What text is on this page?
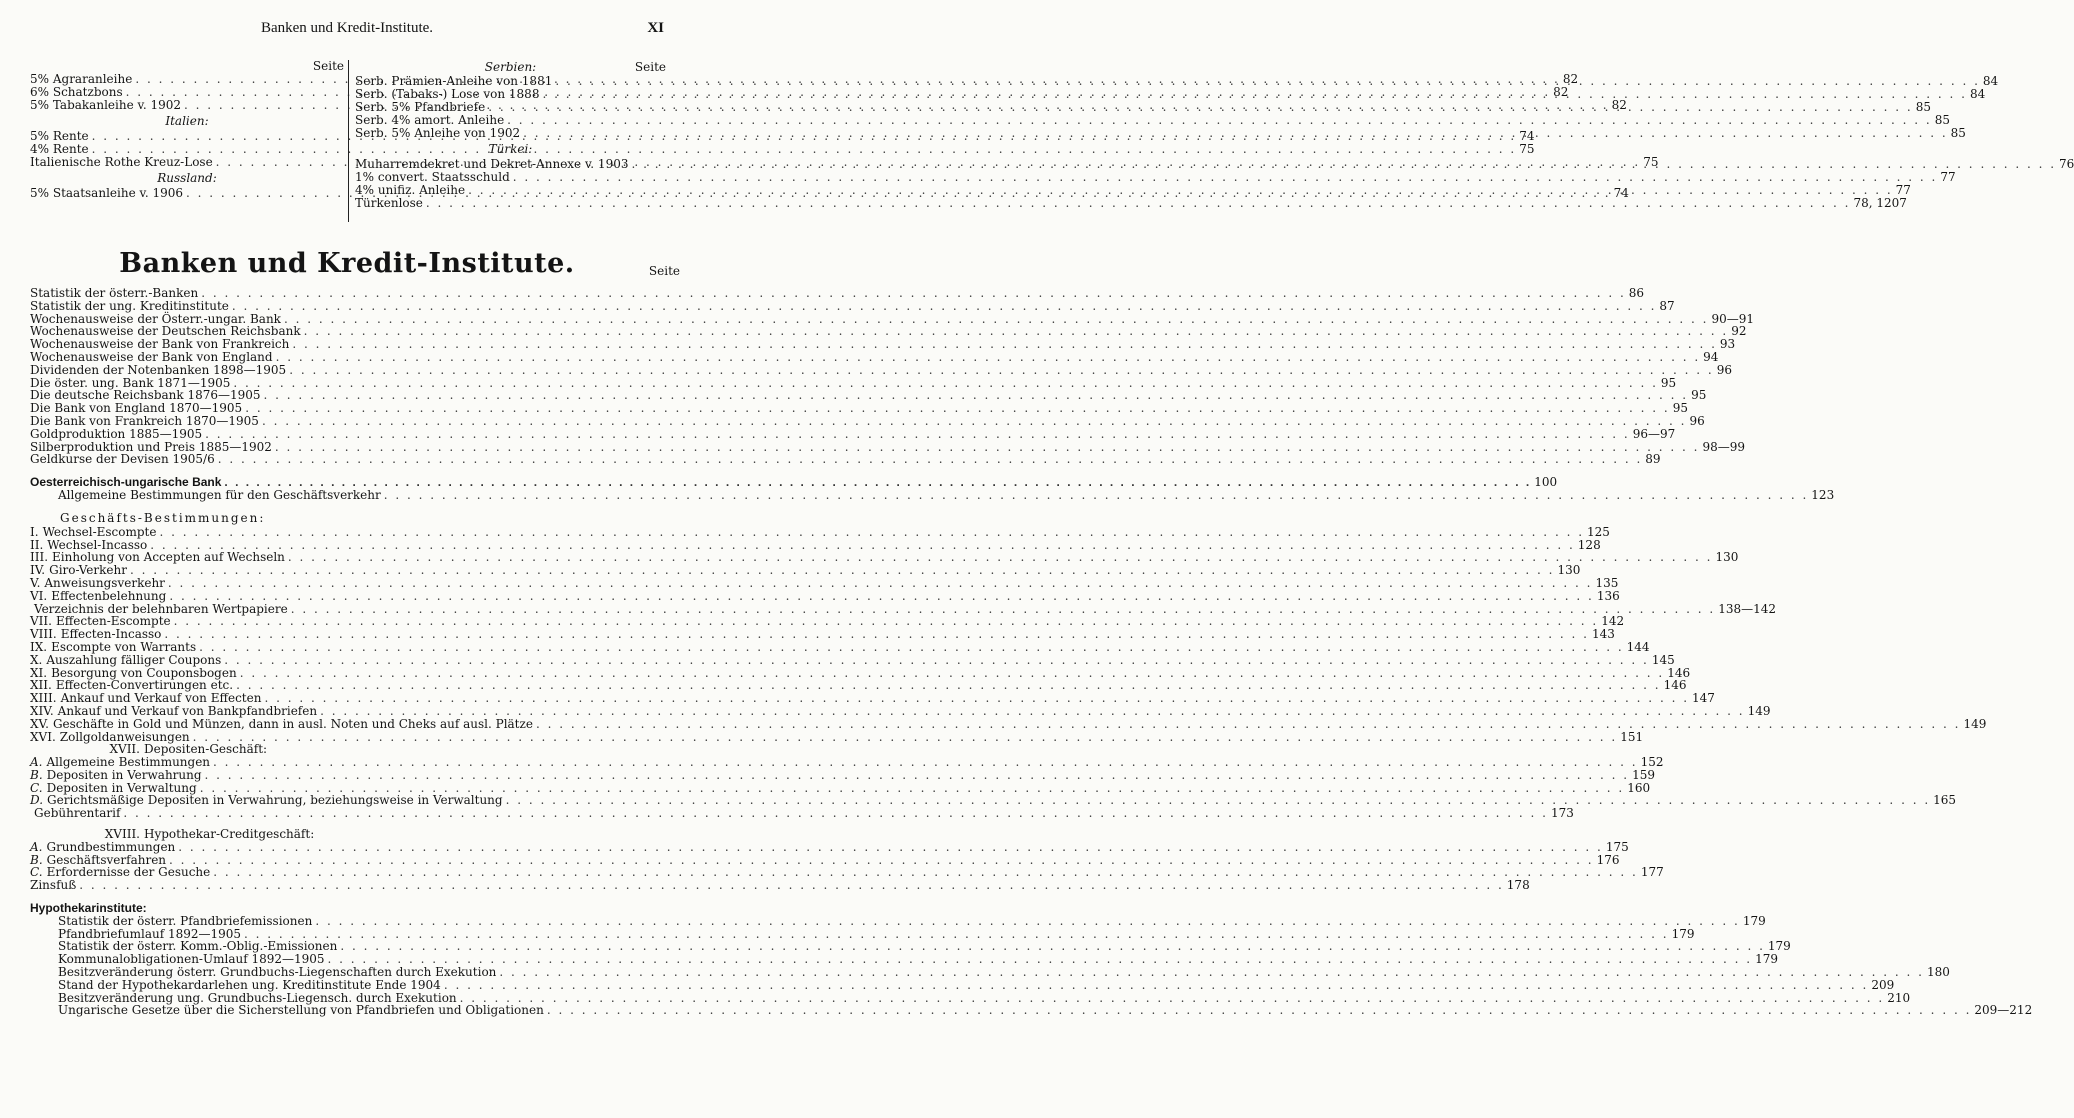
Banken und Kredit-Institute.	XI
Seite
5% Agraranleihe . . .	82
6% Schatzbons . . .	82
5% Tabakanleihe v. 1902 . . .	82
Italien:
5% Rente . . .	74
4% Rente . . .	75
Italienische Rothe Kreuz-Lose . . .	75
Russland:
5% Staatsanleihe v. 1906 . . .	74
Serbien:	Seite
Serb. Prämien-Anleihe von 1881 . . .	84
Serb. (Tabaks-) Lose von 1888 . . .	84
Serb. 5% Pfandbriefe . . .	85
Serb. 4% amort. Anleihe . . .	85
Serb. 5% Anleihe von 1902 . . .	85
Türkei:
Muharremdekret und Dekret-Annexe v. 1903 . . .	76
1% convert. Staatsschuld . . .	77
4% unifiz. Anleihe . . .	77
Türkenlose . . .	78, 1207
Banken und Kredit-Institute.	Seite
Statistik der österr.-Banken . . .	86
Statistik der ung. Kreditinstitute . . .	87
Wochenausweise der Österr.-ungar. Bank . . .	90—91
Wochenausweise der Deutschen Reichsbank . . .	92
Wochenausweise der Bank von Frankreich . . .	93
Wochenausweise der Bank von England . . .	94
Dividenden der Notenbanken 1898—1905 . . .	96
Die öster. ung. Bank 1871—1905 . . .	95
Die deutsche Reichsbank 1876—1905 . . .	95
Die Bank von England 1870—1905 . . .	95
Die Bank von Frankreich 1870—1905 . . .	96
Goldproduktion 1885—1905 . . .	96—97
Silberproduktion und Preis 1885—1902 . . .	98—99
Geldkurse der Devisen 1905/6 . . .	89
Oesterreichisch-ungarische Bank . . .	100
Allgemeine Bestimmungen für den Geschäftsverkehr . . .	123
Geschäfts-Bestimmungen:
I. Wechsel-Escompte . . .	125
II. Wechsel-Incasso . . .	128
III. Einholung von Accepten auf Wechseln . . .	130
IV. Giro-Verkehr . . .	130
V. Anweisungsverkehr . . .	135
VI. Effectenbelehnung . . .	136
Verzeichnis der belehnbaren Wertpapiere . . .	138—142
VII. Effecten-Escompte . . .	142
VIII. Effecten-Incasso . . .	143
IX. Escompte von Warrants . . .	144
X. Auszahlung fälliger Coupons . . .	145
XI. Besorgung von Couponsbogen . . .	146
XII. Effecten-Convertirungen etc. . . .	146
XIII. Ankauf und Verkauf von Effecten . . .	147
XIV. Ankauf und Verkauf von Bankpfandbriefen . . .	149
XV. Geschäfte in Gold und Münzen, dann in ausl. Noten und Cheks auf ausl. Plätze . . .	149
XVI. Zollgoldanweisungen . . .	151
XVII. Depositen-Geschäft:
A. Allgemeine Bestimmungen . . .	152
B. Depositen in Verwahrung . . .	159
C. Depositen in Verwaltung . . .	160
D. Gerichtsmäßige Depositen in Verwahrung, beziehungsweise in Verwaltung . . .	165
Gebührentarif . . .	173
XVIII. Hypothekar-Creditgeschäft:
A. Grundbestimmungen . . .	175
B. Geschäftsverfahren . . .	176
C. Erfordernisse der Gesuche . . .	177
Zinsfuß . . .	178
Hypothekarinstitute:
Statistik der österr. Pfandbriefemissionen . . .	179
Pfandbriefumlauf 1892—1905 . . .	179
Statistik der österr. Komm.-Oblig.-Emissionen . . .	179
Kommunalobligationen-Umlauf 1892—1905 . . .	179
Besitzveränderung österr. Grundbuchs-Liegenschaften durch Exekution . . .	180
Stand der Hypothekardarlehen ung. Kreditinstitute Ende 1904 . . .	209
Besitzveränderung ung. Grundbuchs-Liegensch. durch Exekution . . .	210
Ungarische Gesetze über die Sicherstellung von Pfandbriefen und Obligationen . . .	209—212
